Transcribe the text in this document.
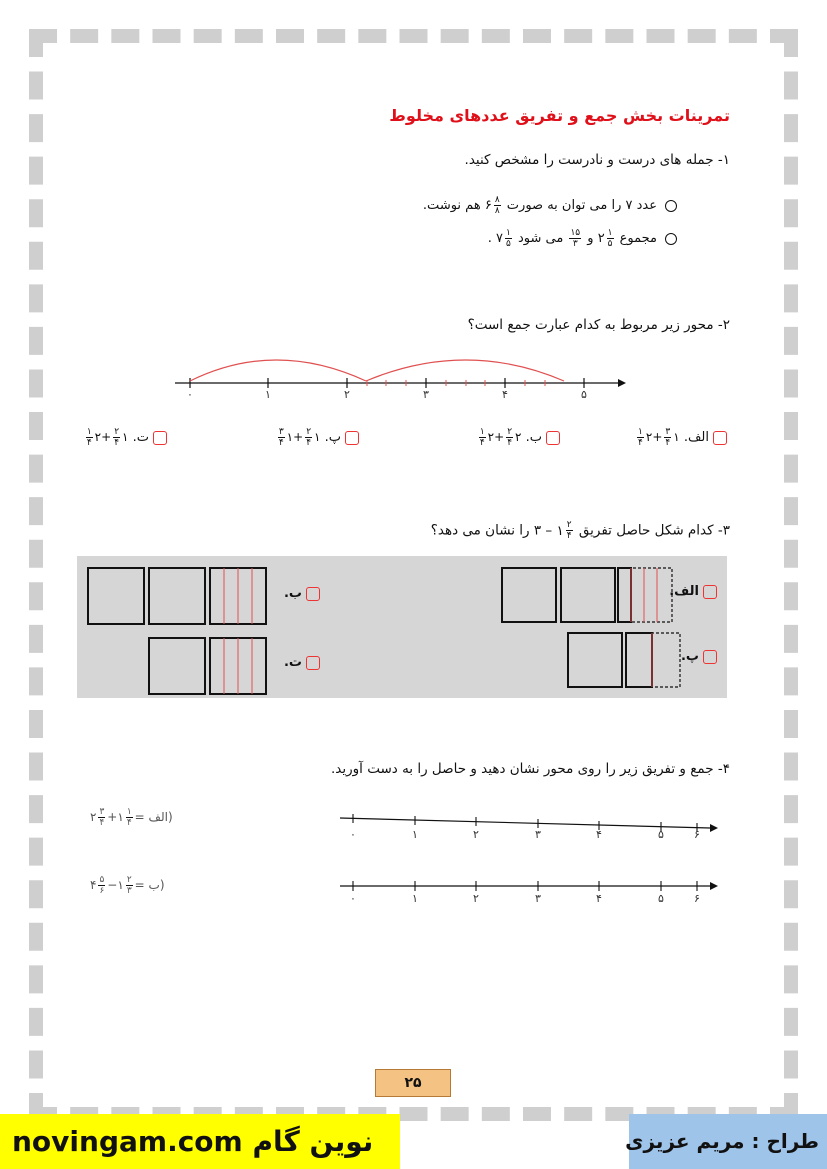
تمرینات بخش جمع و تفریق عددهای مخلوط
۱- جمله های درست و نادرست را مشخص کنید.
عدد ۷ را می توان به صورت
$\frac{۸}{۸}$
۶ هم نوشت.
مجموع
$\frac{۱}{۵}$
۲ و
$\frac{۱۵}{۳}$
می شود
$\frac{۱}{۵}$
۷ .
۲- محور زیر مربوط به کدام عبارت جمع است؟
۰	۱	۲	۳	۴	۵
الف. ۱
$\frac{۳}{۴}$
+۲
$\frac{۱}{۴}$
ب. ۲
$\frac{۲}{۴}$
+۲
$\frac{۱}{۴}$
پ. ۱
$\frac{۲}{۴}$
+۱
$\frac{۳}{۴}$
ت. ۱
$\frac{۲}{۴}$
+۲
$\frac{۱}{۴}$
۳- کدام شکل حاصل تفریق
$\frac{۲}{۴}$
۱ – ۳ را نشان می دهد؟
ب.
ت.
الف.
پ.
۴- جمع و تفریق زیر را روی محور نشان دهید و حاصل را به دست آورید.
(الف ۲ $\frac{۳}{۴}$ +۱ $\frac{۱}{۴}$ =
(ب ۴ $\frac{۵}{۶}$ −۱ $\frac{۲}{۳}$ =
۰	۱	۲	۳	۴	۵	۶
۰	۱	۲	۳	۴	۵	۶
۲۵
novingam.com نوین گام	طراح : مریم عزیزی
